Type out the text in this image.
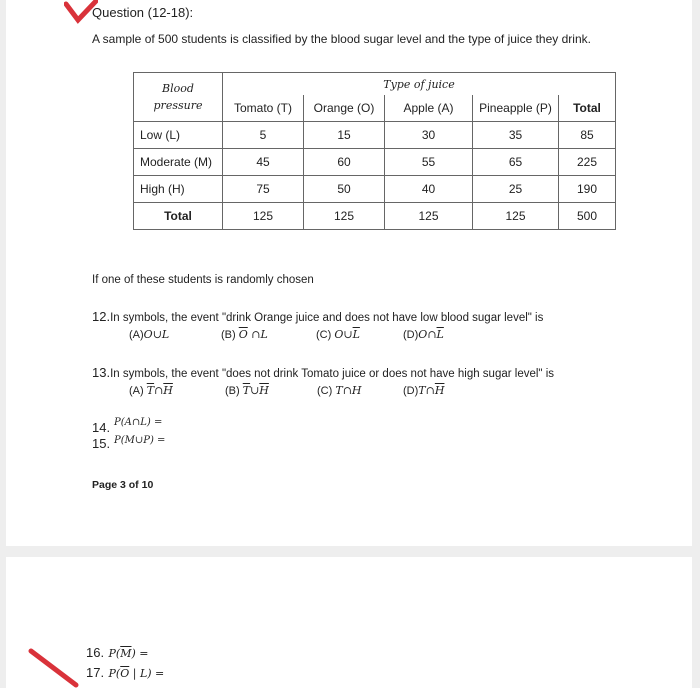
Question (12-18):
A sample of 500 students is classified by the blood sugar level and the type of juice they drink.
Blood
pressure	Type of juice				
	Tomato (T)	Orange (O)	Apple (A)	Pineapple (P)	Total
Low (L)	5	15	30	35	85
Moderate (M)	45	60	55	65	225
High (H)	75	50	40	25	190
Total	125	125	125	125	500
If one of these students is randomly chosen
12.In symbols, the event "drink Orange juice and does not have low blood sugar level" is
(A)O∪L	(B) $\overline{O}$ ∩L	(C) $O\cup\overline{L}$	$(D)O\cap\overline{L}$
13.In symbols, the event "does not drink Tomato juice or does not have high sugar level" is
(A) $\overline{T}\cap\overline{H}$	(B) $\overline{T}\cup\overline{H}$	(C) T∩H	$(D)T\cap\overline{H}$
P(A∩L) =
14.
P(M∪P) =
15.
Page 3 of 10
16. $P(\overline{M})$ =
17. $P(\overline{O}$ | L) =
